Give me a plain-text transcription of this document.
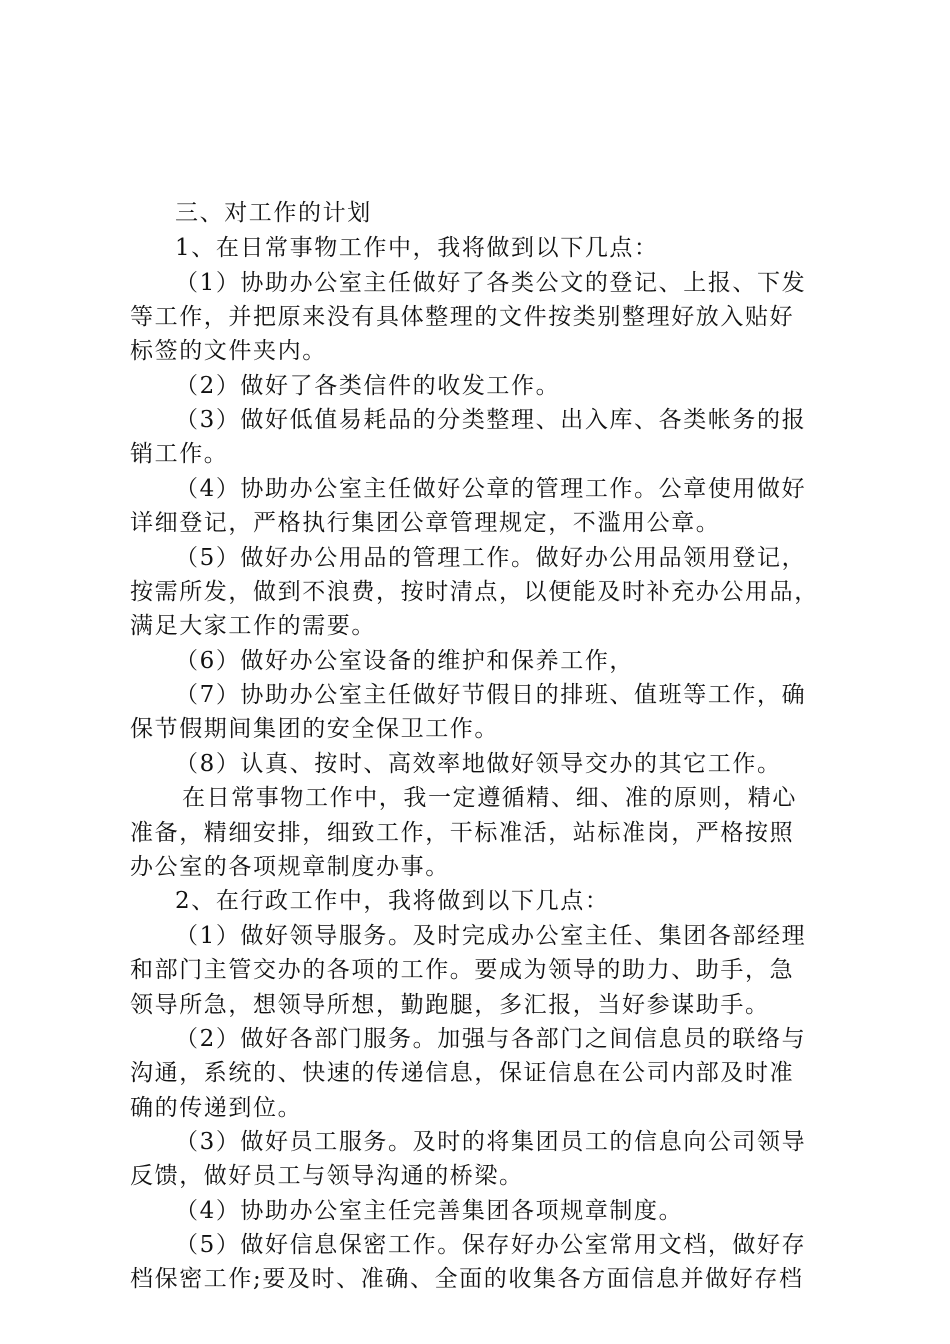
三、对工作的计划
1、在日常事物工作中，我将做到以下几点：
（1）协助办公室主任做好了各类公文的登记、上报、下发
等工作，并把原来没有具体整理的文件按类别整理好放入贴好
标签的文件夹内。
（2）做好了各类信件的收发工作。
（3）做好低值易耗品的分类整理、出入库、各类帐务的报
销工作。
（4）协助办公室主任做好公章的管理工作。公章使用做好
详细登记，严格执行集团公章管理规定，不滥用公章。
（5）做好办公用品的管理工作。做好办公用品领用登记，
按需所发，做到不浪费，按时清点，以便能及时补充办公用品，
满足大家工作的需要。
（6）做好办公室设备的维护和保养工作，
（7）协助办公室主任做好节假日的排班、值班等工作，确
保节假期间集团的安全保卫工作。
（8）认真、按时、高效率地做好领导交办的其它工作。
在日常事物工作中，我一定遵循精、细、准的原则，精心
准备，精细安排，细致工作，干标准活，站标准岗，严格按照
办公室的各项规章制度办事。
2、在行政工作中，我将做到以下几点：
（1）做好领导服务。及时完成办公室主任、集团各部经理
和部门主管交办的各项的工作。要成为领导的助力、助手，急
领导所急，想领导所想，勤跑腿，多汇报，当好参谋助手。
（2）做好各部门服务。加强与各部门之间信息员的联络与
沟通，系统的、快速的传递信息，保证信息在公司内部及时准
确的传递到位。
（3）做好员工服务。及时的将集团员工的信息向公司领导
反馈，做好员工与领导沟通的桥梁。
（4）协助办公室主任完善集团各项规章制度。
（5）做好信息保密工作。保存好办公室常用文档，做好存
档保密工作;要及时、准确、全面的收集各方面信息并做好存档
